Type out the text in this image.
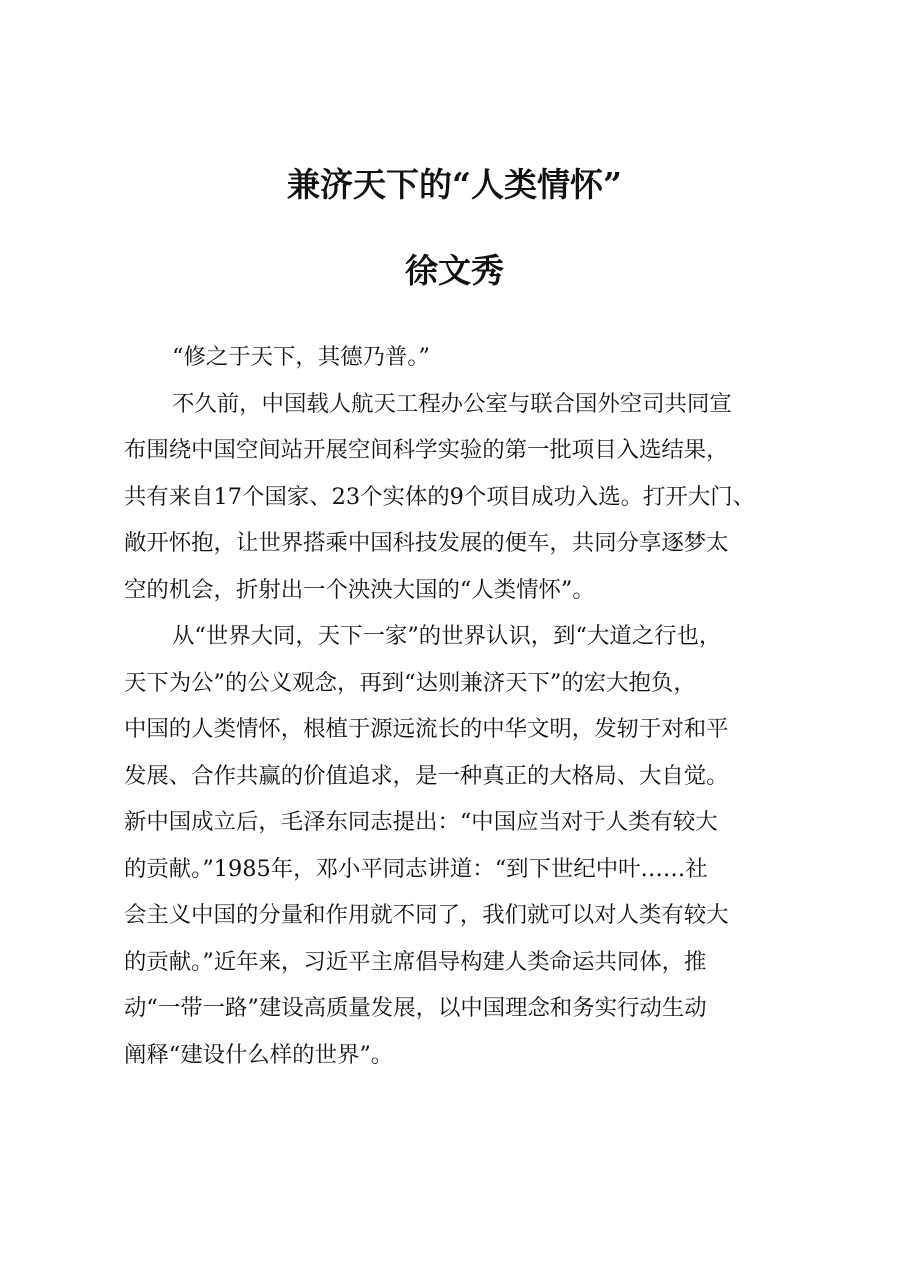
兼济天下的“人类情怀”
徐文秀

“修之于天下，其德乃普。”

不久前，中国载人航天工程办公室与联合国外空司共同宣
布围绕中国空间站开展空间科学实验的第一批项目入选结果，
共有来自17个国家、23个实体的9个项目成功入选。打开大门、
敞开怀抱，让世界搭乘中国科技发展的便车，共同分享逐梦太
空的机会，折射出一个泱泱大国的“人类情怀”。

从“世界大同，天下一家”的世界认识，到“大道之行也，
天下为公”的公义观念，再到“达则兼济天下”的宏大抱负，
中国的人类情怀，根植于源远流长的中华文明，发轫于对和平
发展、合作共赢的价值追求，是一种真正的大格局、大自觉。
新中国成立后，毛泽东同志提出：“中国应当对于人类有较大
的贡献。”1985年，邓小平同志讲道：“到下世纪中叶……社
会主义中国的分量和作用就不同了，我们就可以对人类有较大
的贡献。”近年来，习近平主席倡导构建人类命运共同体，推
动“一带一路”建设高质量发展，以中国理念和务实行动生动
阐释“建设什么样的世界”。
